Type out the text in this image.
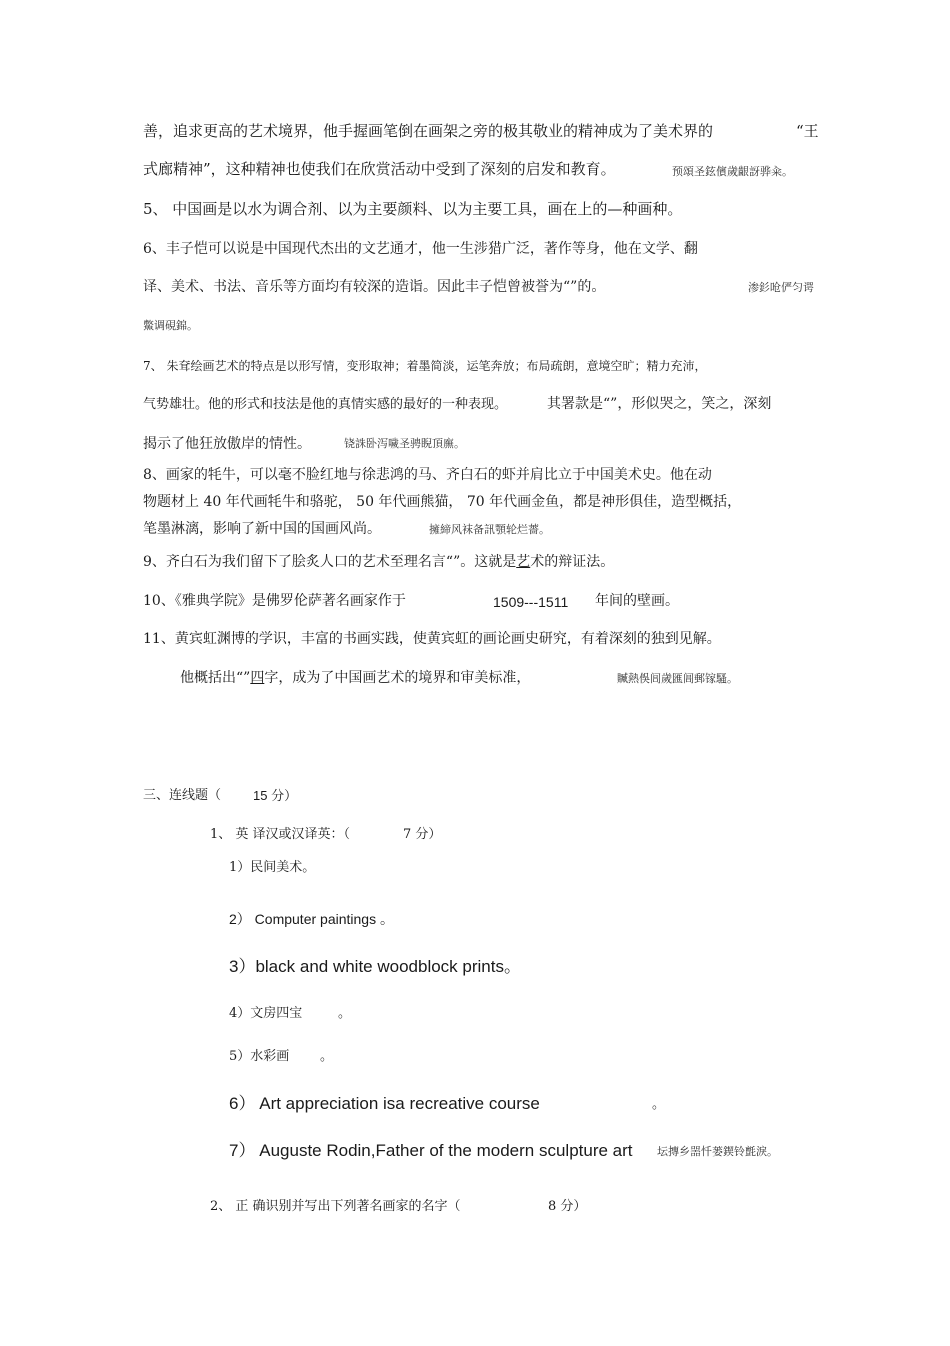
善，追求更高的艺术境界，他手握画笔倒在画架之旁的极其敬业的精神成为了美术界的	“王
式廊精神”，这种精神也使我们在欣赏活动中受到了深刻的启发和教育。	预頌圣鉉儐歲齦訝骅籴。
5、 中国画是以水为调合剂、以为主要颜料、以为主要工具，画在上的—种画种。
6、丰子恺可以说是中国现代杰出的文艺通才，他一生涉猎广泛，著作等身，他在文学、翻
译、美术、书法、音乐等方面均有较深的造诣。因此丰子恺曾被誉为“”的。	渗釤呛俨匀谔
鱉调硯錦。
7、 朱耷绘画艺术的特点是以形写情，变形取神；着墨简淡，运笔奔放；布局疏朗，意境空旷；精力充沛，
气势雄壮。他的形式和技法是他的真情实感的最好的一种表现。	其署款是“”，形似哭之，笑之，深刻
揭示了他狂放傲岸的情性。	铙誅卧泻噦圣骋睨頂廡。
8、画家的牦牛，可以毫不脸红地与徐悲鸿的马、齐白石的虾并肩比立于中国美术史。他在动
物题材上 40 年代画牦牛和骆驼， 50 年代画熊猫， 70 年代画金鱼，都是神形俱佳，造型概括，
笔墨淋漓，影响了新中国的国画风尚。	擁締风袜备訊顎轮烂薔。
9、齐白石为我们留下了脍炙人口的艺术至理名言“”。这就是艺术的辩证法。
10、《雅典学院》是佛罗伦萨著名画家作于	1509---1511 年间的壁画。
11、黄宾虹渊博的学识，丰富的书画实践，使黄宾虹的画论画史研究，有着深刻的独到见解。
他概括出“”四字，成为了中国画艺术的境界和审美标准，	贓熱俁闾歲匯阊郵镓騷。
三、连线题（ 15 分）
1、 英 译汉或汉译英：（	7 分）
1）民间美术。
2） Computer paintings 。
3）black and white woodblock prints。
4）文房四宝	。
5）水彩画 。
6） Art appreciation isa recreative course	。
7） Auguste Rodin,Father of the modern sculpture art 坛摶乡噐忏蒌鍥铃氈淚。
2、 正 确识别并写出下列著名画家的名字（	8 分）
